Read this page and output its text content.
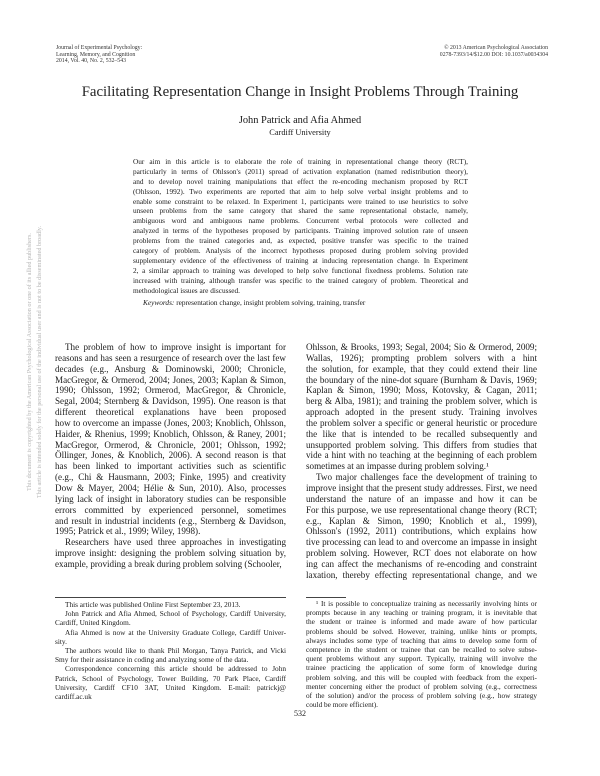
Journal of Experimental Psychology:
Learning, Memory, and Cognition
2014, Vol. 40, No. 2, 532–543
© 2013 American Psychological Association
0278-7393/14/$12.00 DOI: 10.1037/a0034304
Facilitating Representation Change in Insight Problems Through Training
John Patrick and Afia Ahmed
Cardiff University
Our aim in this article is to elaborate the role of training in representational change theory (RCT),
particularly in terms of Ohlsson's (2011) spread of activation explanation (named redistribution theory),
and to develop novel training manipulations that effect the re-encoding mechanism proposed by RCT
(Ohlsson, 1992). Two experiments are reported that aim to help solve verbal insight problems and to
enable some constraint to be relaxed. In Experiment 1, participants were trained to use heuristics to solve
unseen problems from the same category that shared the same representational obstacle, namely,
ambiguous word and ambiguous name problems. Concurrent verbal protocols were collected and
analyzed in terms of the hypotheses proposed by participants. Training improved solution rate of unseen
problems from the trained categories and, as expected, positive transfer was specific to the trained
category of problem. Analysis of the incorrect hypotheses proposed during problem solving provided
supplementary evidence of the effectiveness of training at inducing representation change. In Experiment
2, a similar approach to training was developed to help solve functional fixedness problems. Solution rate
increased with training, although transfer was specific to the trained category of problem. Theoretical and
methodological issues are discussed.
Keywords: representation change, insight problem solving, training, transfer
The problem of how to improve insight is important for
reasons and has seen a resurgence of research over the last few
decades (e.g., Ansburg & Dominowski, 2000; Chronicle,
MacGregor, & Ormerod, 2004; Jones, 2003; Kaplan & Simon,
1990; Ohlsson, 1992; Ormerod, MacGregor, & Chronicle,
Segal, 2004; Sternberg & Davidson, 1995). One reason is that
different theoretical explanations have been proposed
how to overcome an impasse (Jones, 2003; Knoblich, Ohlsson,
Haider, & Rhenius, 1999; Knoblich, Ohlsson, & Raney, 2001;
MacGregor, Ormerod, & Chronicle, 2001; Ohlsson, 1992;
Öllinger, Jones, & Knoblich, 2006). A second reason is that
has been linked to important activities such as scientific
(e.g., Chi & Hausmann, 2003; Finke, 1995) and creativity
Dow & Mayer, 2004; Hélie & Sun, 2010). Also, processes
lying lack of insight in laboratory studies can be responsible
errors committed by experienced personnel, sometimes
and result in industrial incidents (e.g., Sternberg & Davidson,
1995; Patrick et al., 1999; Wiley, 1998).
Researchers have used three approaches in investigating
improve insight: designing the problem solving situation by,
example, providing a break during problem solving (Schooler,
Ohlsson, & Brooks, 1993; Segal, 2004; Sio & Ormerod, 2009;
Wallas, 1926); prompting problem solvers with a hint
the solution, for example, that they could extend their line
the boundary of the nine-dot square (Burnham & Davis, 1969;
Kaplan & Simon, 1990; Moss, Kotovsky, & Cagan, 2011;
berg & Alba, 1981); and training the problem solver, which is
approach adopted in the present study. Training involves
the problem solver a specific or general heuristic or procedure
the like that is intended to be recalled subsequently and
unsupported problem solving. This differs from studies that
vide a hint with no teaching at the beginning of each problem
sometimes at an impasse during problem solving.¹
Two major challenges face the development of training to
improve insight that the present study addresses. First, we need
understand the nature of an impasse and how it can be
For this purpose, we use representational change theory (RCT;
e.g., Kaplan & Simon, 1990; Knoblich et al., 1999),
Ohlsson's (1992, 2011) contributions, which explains how
tive processing can lead to and overcome an impasse in insight
problem solving. However, RCT does not elaborate on how
ing can affect the mechanisms of re-encoding and constraint
laxation, thereby effecting representational change, and we
This article was published Online First September 23, 2013.
John Patrick and Afia Ahmed, School of Psychology, Cardiff University,
Cardiff, United Kingdom.
Afia Ahmed is now at the University Graduate College, Cardiff Univer-
sity.
The authors would like to thank Phil Morgan, Tanya Patrick, and Vicki
Smy for their assistance in coding and analyzing some of the data.
Correspondence concerning this article should be addressed to John
Patrick, School of Psychology, Tower Building, 70 Park Place, Cardiff
University, Cardiff CF10 3AT, United Kingdom. E-mail: patrickj@
cardiff.ac.uk
¹ It is possible to conceptualize training as necessarily involving hints or
prompts because in any teaching or training program, it is inevitable that
the student or trainee is informed and made aware of how particular
problems should be solved. However, training, unlike hints or prompts,
always includes some type of teaching that aims to develop some form of
competence in the student or trainee that can be recalled to solve subse-
quent problems without any support. Typically, training will involve the
trainee practicing the application of some form of knowledge during
problem solving, and this will be coupled with feedback from the experi-
menter concerning either the product of problem solving (e.g., correctness
of the solution) and/or the process of problem solving (e.g., how strategy
could be more efficient).
532
This document is copyrighted by the American Psychological Association or one of its allied publishers. This article is intended solely for the personal use of the individual user and is not to be disseminated broadly.
